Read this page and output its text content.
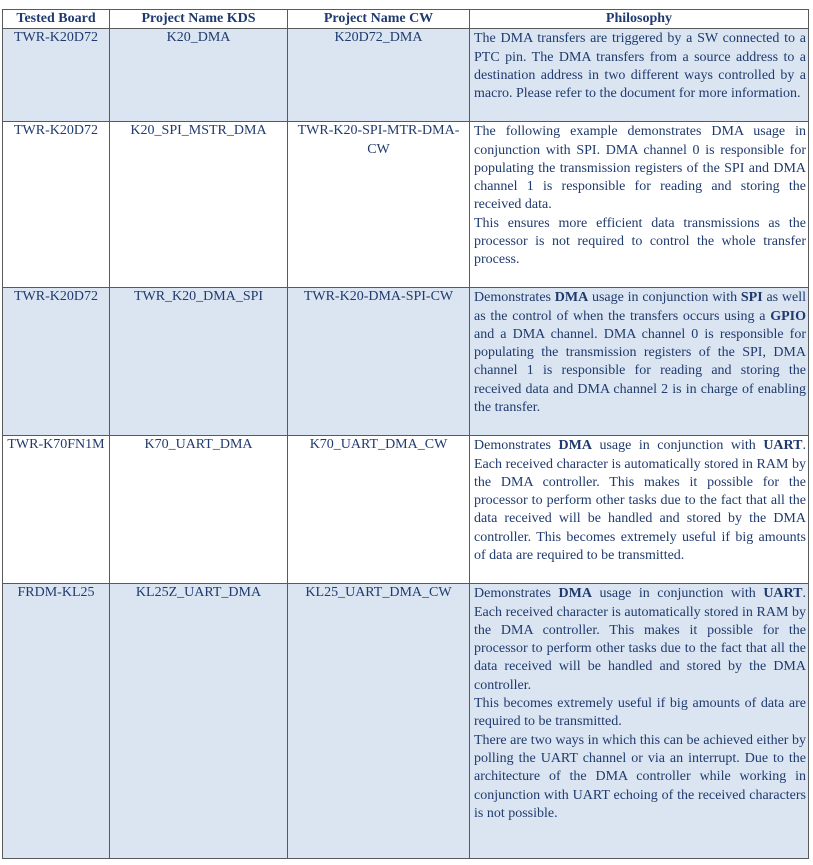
Tested Board	Project Name KDS	Project Name CW	Philosophy
TWR-K20D72	K20_DMA	K20D72_DMA	The DMA transfers are triggered by a SW connected to a PTC pin. The DMA transfers from a source address to a destination address in two different ways controlled by a macro. Please refer to the document for more information.

TWR-K20D72	K20_SPI_MSTR_DMA	TWR-K20-SPI-MTR-DMA-CW	The following example demonstrates DMA usage in conjunction with SPI. DMA channel 0 is responsible for populating the transmission registers of the SPI and DMA channel 1 is responsible for reading and storing the received data.
This ensures more efficient data transmissions as the processor is not required to control the whole transfer process.

TWR-K20D72	TWR_K20_DMA_SPI	TWR-K20-DMA-SPI-CW	Demonstrates DMA usage in conjunction with SPI as well as the control of when the transfers occurs using a GPIO and a DMA channel. DMA channel 0 is responsible for populating the transmission registers of the SPI, DMA channel 1 is responsible for reading and storing the received data and DMA channel 2 is in charge of enabling the transfer.
TWR-K70FN1M	K70_UART_DMA	K70_UART_DMA_CW	Demonstrates DMA usage in conjunction with UART. Each received character is automatically stored in RAM by the DMA controller. This makes it possible for the processor to perform other tasks due to the fact that all the data received will be handled and stored by the DMA controller. This becomes extremely useful if big amounts of data are required to be transmitted.
FRDM-KL25	KL25Z_UART_DMA	KL25_UART_DMA_CW	Demonstrates DMA usage in conjunction with UART. Each received character is automatically stored in RAM by the DMA controller. This makes it possible for the processor to perform other tasks due to the fact that all the data received will be handled and stored by the DMA controller.
This becomes extremely useful if big amounts of data are required to be transmitted.
There are two ways in which this can be achieved either by polling the UART channel or via an interrupt. Due to the architecture of the DMA controller while working in conjunction with UART echoing of the received characters is not possible.
